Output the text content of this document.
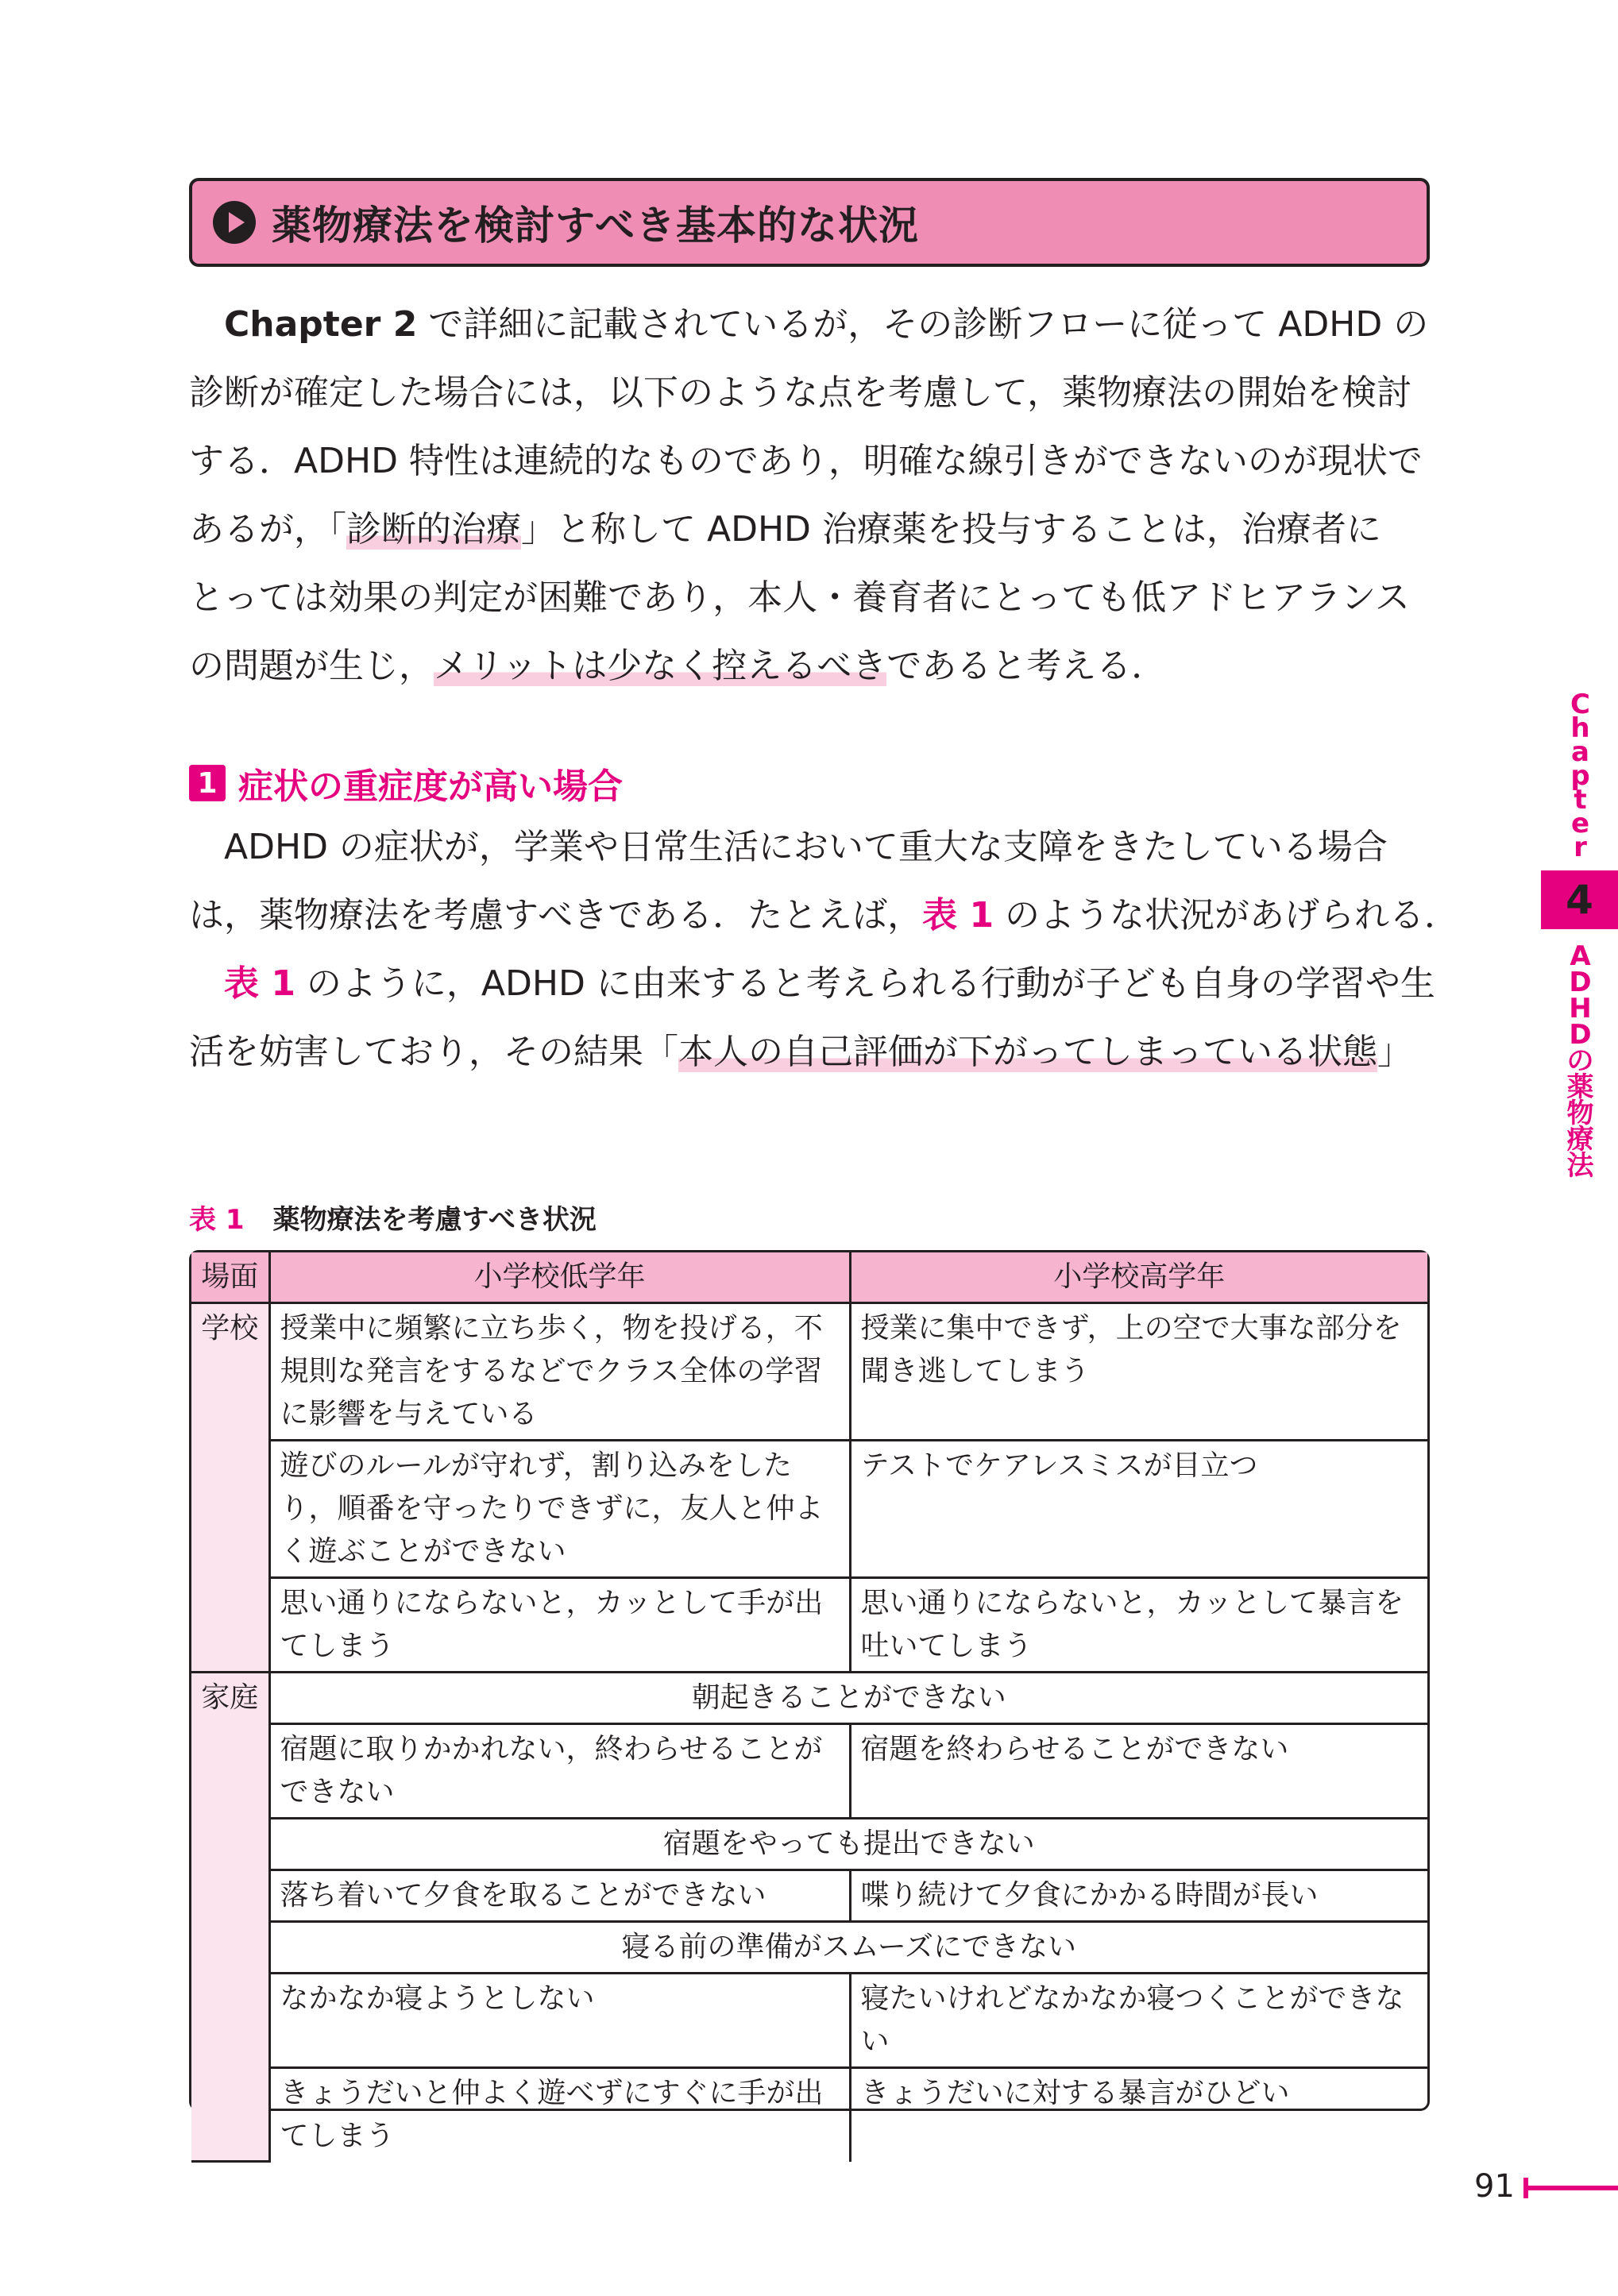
薬物療法を検討すべき基本的な状況

　Chapter 2 で詳細に記載されているが，その診断フローに従って ADHD の
診断が確定した場合には，以下のような点を考慮して，薬物療法の開始を検討
する．ADHD 特性は連続的なものであり，明確な線引きができないのが現状で
あるが，「診断的治療」と称して ADHD 治療薬を投与することは，治療者に
とっては効果の判定が困難であり，本人・養育者にとっても低アドヒアランス
の問題が生じ，メリットは少なく控えるべきであると考える．

1 症状の重症度が高い場合

　ADHD の症状が，学業や日常生活において重大な支障をきたしている場合
は，薬物療法を考慮すべきである．たとえば，表 1 のような状況があげられる．
　表 1 のように，ADHD に由来すると考えられる行動が子ども自身の学習や生
活を妨害しており，その結果「本人の自己評価が下がってしまっている状態」

表 1 薬物療法を考慮すべき状況
場面	小学校低学年	小学校高学年
学校	授業中に頻繁に立ち歩く，物を投げる，不規則な発言をするなどでクラス全体の学習に影響を与えている	授業に集中できず，上の空で大事な部分を聞き逃してしまう
	遊びのルールが守れず，割り込みをしたり，順番を守ったりできずに，友人と仲よく遊ぶことができない	テストでケアレスミスが目立つ
	思い通りにならないと，カッとして手が出てしまう	思い通りにならないと，カッとして暴言を吐いてしまう
家庭	朝起きることができない	
	宿題に取りかかれない，終わらせることができない	宿題を終わらせることができない
	宿題をやっても提出できない	
	落ち着いて夕食を取ることができない	喋り続けて夕食にかかる時間が長い
	寝る前の準備がスムーズにできない	
	なかなか寝ようとしない	寝たいけれどなかなか寝つくことができない
	きょうだいと仲よく遊べずにすぐに手が出てしまう	きょうだいに対する暴言がひどい
C
h
a
p
t
e
r
4
A
D
H
D
の
薬
物
療
法
91
